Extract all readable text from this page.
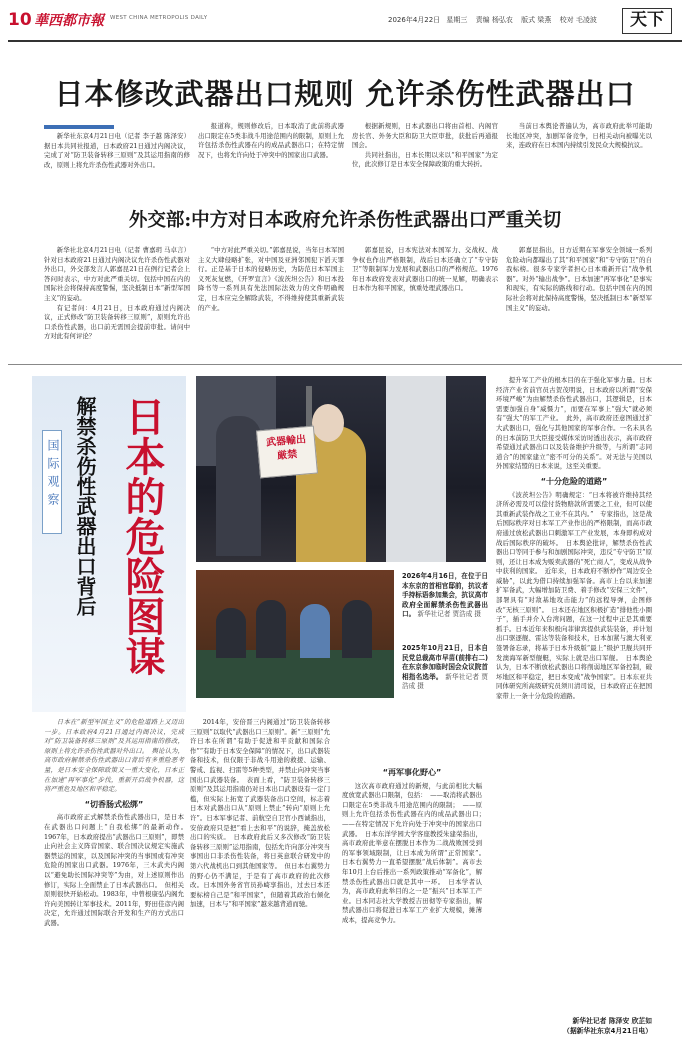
10 華西都市報 WEST CHINA METROPOLIS DAILY	2026年4月22日 星期三 责编 杨弘农 版式 梁燕 校对 毛凌波	天下
日本修改武器出口规则 允许杀伤性武器出口

新华社东京4月21日电（记者 李子越 陈泽安）据日本共同社报道，日本政府21日通过内阁决议，完成了对“防卫装备转移三原则”及其运用指南的修改，原则上将允许杀伤性武器对外出口。

报道称，规则修改后，日本取消了此前将武器出口限定在5类非战斗用途范围内的限制，原则上允许包括杀伤性武器在内的成品武器出口；在特定情况下，也将允许向处于冲突中的国家出口武器。

根据新规则，日本武器出口将由首相、内阁官房长官、外务大臣和防卫大臣审批，获批后再通报国会。

共同社指出，日本长期以来以“和平国家”为定位，此次修订是日本安全保障政策的重大转折。

当前日本舆论普遍认为，高市政府此举可能助长地区冲突，加剧军备竞争，日相关动向被曝光以来，连政府在日本国内持续引发民众大规模抗议。

外交部:中方对日本政府允许杀伤性武器出口严重关切

新华社北京4月21日电（记者 曹嘉玥 马卓言）针对日本政府21日通过内阁决议允许杀伤性武器对外出口，外交部发言人郭嘉昆21日在例行记者会上答问时表示，中方对此严重关切。包括中国在内的国际社会将保持高度警惕，坚决抵制日本“新型军国主义”的妄动。

有记者问：4月21日，日本政府通过内阁决议，正式修改“防卫装备转移三原则”，原则允许出口杀伤性武器，出口前无需国会提前审批。请问中方对此有何评论？

“中方对此严重关切。”郭嘉昆说，当年日本军国主义大肆侵略扩张，对中国及亚洲邻国犯下滔天罪行。正是基于日本的侵略历史，为防范日本军国主义死灰复燃，《开罗宣言》《波茨坦公告》和日本投降书等一系列具有先法国际法效力的文件明确规定，日本应完全解除武装，不得维持使其重新武装的产业。

郭嘉昆说，日本宪法对本国军力、交战权、战争权也作出严格限制，战后日本还确立了“专守防卫”等限制军力发展和武器出口的严格规范。1976年日本政府发表对武器出口的统一见解，明确表示日本作为和平国家，慎重处理武器出口。

郭嘉昆指出，日方近期在军事安全领域一系列危险动向都曝出了其“和平国家”和“专守防卫”的自我标榜。很多专家学者担心日本重新开启“战争机器”。对外“输出战争”。日本加速“再军事化”是事实和现实，有实际的路线和行动。包括中国在内的国际社会将对此保持高度警惕，坚决抵制日本“新型军国主义”的妄动。

国际观察 解禁杀伤性武器出口背后 日本的危险图谋	武器輸出 厳禁
2026年4月16日，在位于日本东京的首相官邸前，抗议者手持标语参加集会，抗议高市政府全面解禁杀伤性武器出口。 新华社记者 贾浩成 摄
2025年10月21日，日本自民党总裁高市早苗(前排右二)在东京参加临时国会众议院首相指名选举。 新华社记者 贾浩成 摄

日本在“新型军国主义”的危险道路上又迈出一步。日本政府4月21日通过内阁决议，完成对“防卫装备转移三原则”及其运用指南的修改，原则上将允许杀伤性武器对外出口。　舆论认为，高市政府解禁杀伤性武器出口背后有多重险恶考量，是日本安全保障政策又一重大变化，日本正在加速“再军事化”步伐，重新开启战争机器，这将严重危及地区和平稳定。

“切香肠式松绑”

高市政府正式解禁杀伤性武器出口，是日本在武器出口问题上“自我松绑”的最新动作。　1967年，日本政府提出“武器出口三原则”，即禁止向社会主义阵营国家、联合国决议规定实施武器禁运的国家，以及国际冲突的当事国或有冲突危险的国家出口武器。1976年，三木武夫内阁以“避免助长国际冲突等”为由，对上述原则作出修订，实际上全面禁止了日本武器出口。　但相关原则很快开始松动。1983年，中曾根康弘内阁允许向美国转让军事技术。2011年，野田佳彦内阁决定，允许通过国际联合开发和生产的方式出口武器。

2014年，安倍晋三内阁通过“防卫装备转移三原则”以取代“武器出口三原则”。新“三原则”允许日本在所谓“有助于促进和平贡献和国际合作”“有助于日本安全保障”的情况下，出口武器装备和技术，但仅限于非战斗用途的救援、运输、警戒、监视、扫雷等5种类型，并禁止向冲突当事国出口武器装备。　表面上看，“防卫装备转移三原则”及其运用指南仍对日本出口武器设有一定门槛，但实际上拓宽了武器装备出口空间，标志着日本对武器出口从“原则上禁止”转向“原则上允许”。日本军事记者、前航空自卫官小西诚指出，安倍政府只是把“看上去和平”的说辞，掩盖放松出口的实质。　日本政府此后又多次修改“防卫装备转移三原则”运用指南，包括允许向部分冲突当事国出口非杀伤性装备，将日英意联合研发中的第六代战机出口到其他国家等。　但日本右翼势力的野心仍不满足，于是有了高市政府的此次修改。日本国外务省官员孙崎享指出，过去日本还要标榜自己是“和平国家”，但随着其政治右倾化加速，日本与“和平国家”越来越背道而驰。

“再军事化野心”

这次高市政府通过的新规，与此前相比大幅度放宽武器出口限制，包括：　——取消将武器出口限定在5类非战斗用途范围内的限制；　——原则上允许包括杀伤性武器在内的成品武器出口；　——在特定情况下允许向处于冲突中的国家出口武器。　日本东洋学园大学客座教授朱建荣指出，高市政府此举意在摆脱日本作为二战战败国受到的军事领域限制，让日本成为所谓“正常国家”。　日本右翼势力一直希望摆脱“战后体制”。高市去年10月上台后推出一系列政策推动“军备化”，解禁杀伤性武器出口就是其中一环。　日本学者认为，高市政府此举目的之一是“振兴”日本军工产业。日本同志社大学教授吉田彻等专家指出，解禁武器出口将促进日本军工产业扩大规模，摊薄成本，提高竞争力。

提升军工产业的根本目的在于强化军事力量。日本经济产业省前官员古贺茂明说，日本政府以所谓“安保环境严峻”为由解禁杀伤性武器出口，其逻辑是，日本需要加强自身“威慑力”，而要在军事上“强大”就必须有“强大”的军工产业。　此外，高市政府还意图通过扩大武器出口，强化与其他国家的军事合作。一名未具名的日本前防卫大臣接受媒体采访时透出表示，高市政府希望通过武器出口以及装备维护升级等，与所谓“志同道合”的国家建立“密不可分的关系”。对无法与美国以外国家结盟的日本来说，这至关重要。

“十分危险的道路”

《波茨坦公告》明确规定：“日本将被许维持其经济所必需及可以偿付货物赔款所需要之工业，但可以使其重新武装作战之工业不在其内。”　专家指出，这是战后国际秩序对日本军工产业作出的严格限制，而高市政府通过放松武器出口刺激军工产业发展，本身即构成对战后国际秩序的破坏。　日本舆论批评，解禁杀伤性武器出口等同于参与和加剧国际冲突，违反“专守防卫”原则，还让日本成为贩卖武器的“死亡商人”，变成从战争中获利的国家。　近年来，日本政府不断炒作“周边安全威胁”，以此为借口持续加强军备。高市上台以来加速扩军备武，大幅增加防卫费、着手修改“安保三文件”，部署具有“对敌基地攻击能力”的远程导弹，企图修改“无核三原则”。　日本还在地区积极扩造“排他性小圈子”，插手并介入台湾问题，在这一过程中正是其重要抓手。日本近年来积极向菲律宾提供武装装备，并计划出口驱逐舰、雷达等装备和技术，日本加紧与澳大利亚签署备忘录，将基于日本升级版“最上”级护卫舰共同开发澳海军新型舰艇，实际上就是出口军舰。　日本舆论认为，日本不断放松武器出口将削弱地区军备控制，破坏地区和平稳定，把日本变成“战争国家”。日本东亚共同体研究所高级研究员须川清司说，日本政府正在把国家带上一条十分危险的道路。

新华社记者 陈泽安 欣芷如
（据新华社东京4月21日电）
